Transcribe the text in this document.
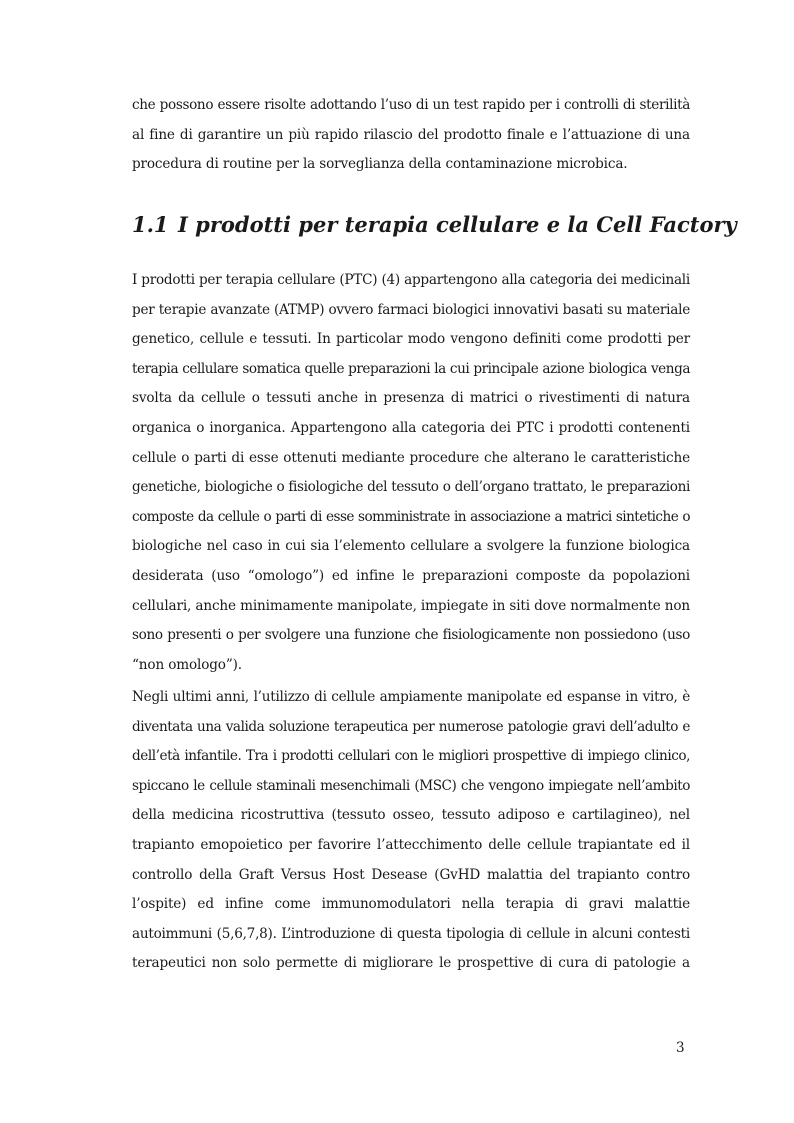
che possono essere risolte adottando l’uso di un test rapido per i controlli di sterilità
al fine di garantire un più rapido rilascio del prodotto finale e l’attuazione di una
procedura di routine per la sorveglianza della contaminazione microbica.
1.1 I prodotti per terapia cellulare e la Cell Factory
I prodotti per terapia cellulare (PTC) (4) appartengono alla categoria dei medicinali
per terapie avanzate (ATMP) ovvero farmaci biologici innovativi basati su materiale
genetico, cellule e tessuti. In particolar modo vengono definiti come prodotti per
terapia cellulare somatica quelle preparazioni la cui principale azione biologica venga
svolta da cellule o tessuti anche in presenza di matrici o rivestimenti di natura
organica o inorganica. Appartengono alla categoria dei PTC i prodotti contenenti
cellule o parti di esse ottenuti mediante procedure che alterano le caratteristiche
genetiche, biologiche o fisiologiche del tessuto o dell’organo trattato, le preparazioni
composte da cellule o parti di esse somministrate in associazione a matrici sintetiche o
biologiche nel caso in cui sia l’elemento cellulare a svolgere la funzione biologica
desiderata (uso “omologo”) ed infine le preparazioni composte da popolazioni
cellulari, anche minimamente manipolate, impiegate in siti dove normalmente non
sono presenti o per svolgere una funzione che fisiologicamente non possiedono (uso
“non omologo”).
Negli ultimi anni, l’utilizzo di cellule ampiamente manipolate ed espanse in vitro, è
diventata una valida soluzione terapeutica per numerose patologie gravi dell’adulto e
dell’età infantile. Tra i prodotti cellulari con le migliori prospettive di impiego clinico,
spiccano le cellule staminali mesenchimali (MSC) che vengono impiegate nell’ambito
della medicina ricostruttiva (tessuto osseo, tessuto adiposo e cartilagineo), nel
trapianto emopoietico per favorire l’attecchimento delle cellule trapiantate ed il
controllo della Graft Versus Host Desease (GvHD malattia del trapianto contro
l’ospite) ed infine come immunomodulatori nella terapia di gravi malattie
autoimmuni (5,6,7,8). L’introduzione di questa tipologia di cellule in alcuni contesti
terapeutici non solo permette di migliorare le prospettive di cura di patologie a
3
